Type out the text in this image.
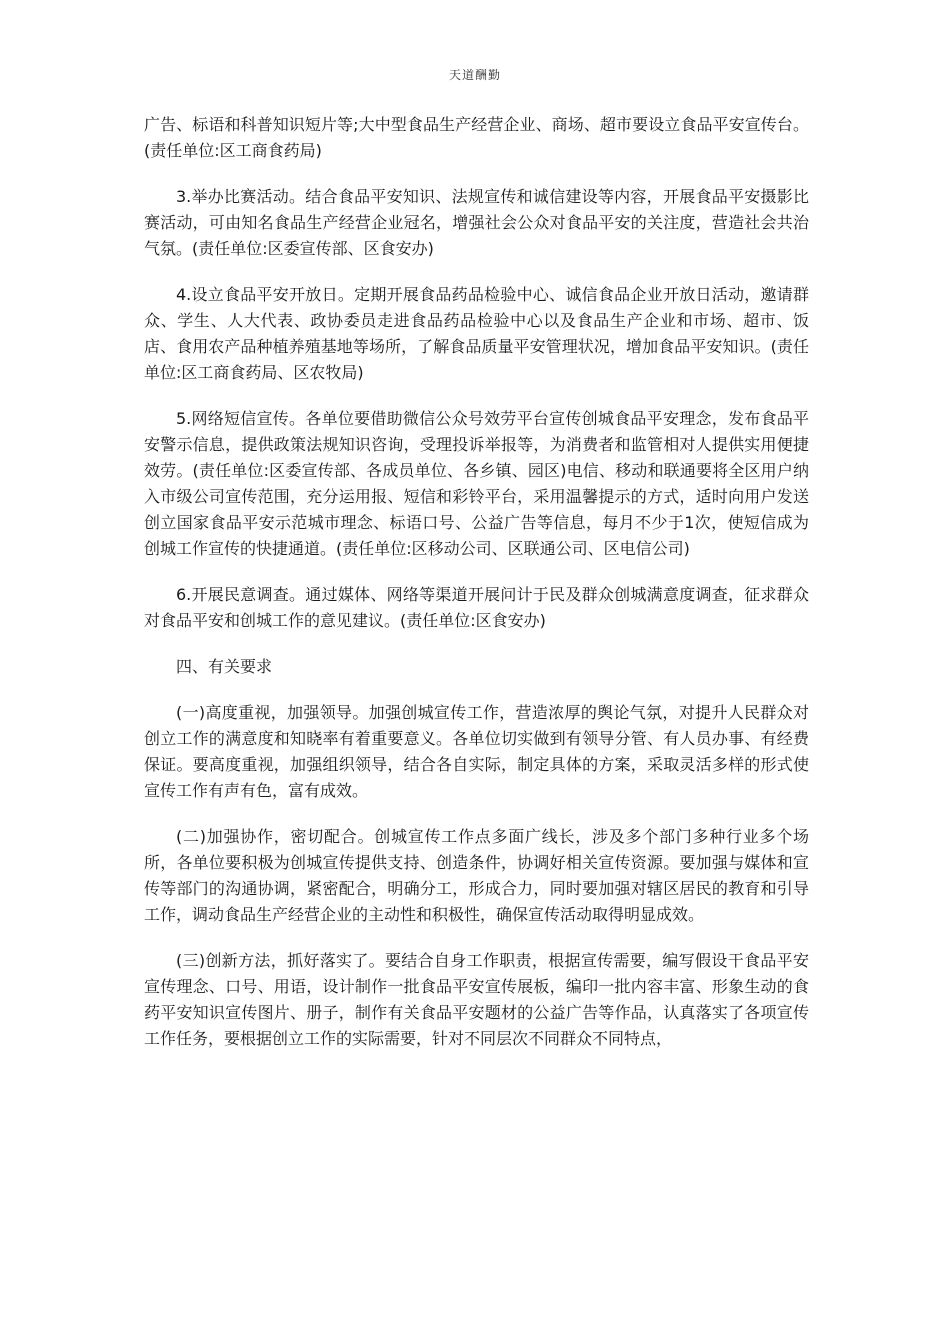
天道酬勤

广告、标语和科普知识短片等;大中型食品生产经营企业、商场、超市要设立食品平安宣传台。(责任单位:区工商食药局)

3.举办比赛活动。结合食品平安知识、法规宣传和诚信建设等内容，开展食品平安摄影比赛活动，可由知名食品生产经营企业冠名，增强社会公众对食品平安的关注度，营造社会共治气氛。(责任单位:区委宣传部、区食安办)

4.设立食品平安开放日。定期开展食品药品检验中心、诚信食品企业开放日活动，邀请群众、学生、人大代表、政协委员走进食品药品检验中心以及食品生产企业和市场、超市、饭店、食用农产品种植养殖基地等场所，了解食品质量平安管理状况，增加食品平安知识。(责任单位:区工商食药局、区农牧局)

5.网络短信宣传。各单位要借助微信公众号效劳平台宣传创城食品平安理念，发布食品平安警示信息，提供政策法规知识咨询，受理投诉举报等，为消费者和监管相对人提供实用便捷效劳。(责任单位:区委宣传部、各成员单位、各乡镇、园区)电信、移动和联通要将全区用户纳入市级公司宣传范围，充分运用报、短信和彩铃平台，采用温馨提示的方式，适时向用户发送创立国家食品平安示范城市理念、标语口号、公益广告等信息，每月不少于1次，使短信成为创城工作宣传的快捷通道。(责任单位:区移动公司、区联通公司、区电信公司)

6.开展民意调查。通过媒体、网络等渠道开展问计于民及群众创城满意度调查，征求群众对食品平安和创城工作的意见建议。(责任单位:区食安办)

四、有关要求

(一)高度重视，加强领导。加强创城宣传工作，营造浓厚的舆论气氛，对提升人民群众对创立工作的满意度和知晓率有着重要意义。各单位切实做到有领导分管、有人员办事、有经费保证。要高度重视，加强组织领导，结合各自实际，制定具体的方案，采取灵活多样的形式使宣传工作有声有色，富有成效。

(二)加强协作，密切配合。创城宣传工作点多面广线长，涉及多个部门多种行业多个场所，各单位要积极为创城宣传提供支持、创造条件，协调好相关宣传资源。要加强与媒体和宣传等部门的沟通协调，紧密配合，明确分工，形成合力，同时要加强对辖区居民的教育和引导工作，调动食品生产经营企业的主动性和积极性，确保宣传活动取得明显成效。

(三)创新方法，抓好落实了。要结合自身工作职责，根据宣传需要，编写假设干食品平安宣传理念、口号、用语，设计制作一批食品平安宣传展板，编印一批内容丰富、形象生动的食药平安知识宣传图片、册子，制作有关食品平安题材的公益广告等作品，认真落实了各项宣传工作任务，要根据创立工作的实际需要，针对不同层次不同群众不同特点，
